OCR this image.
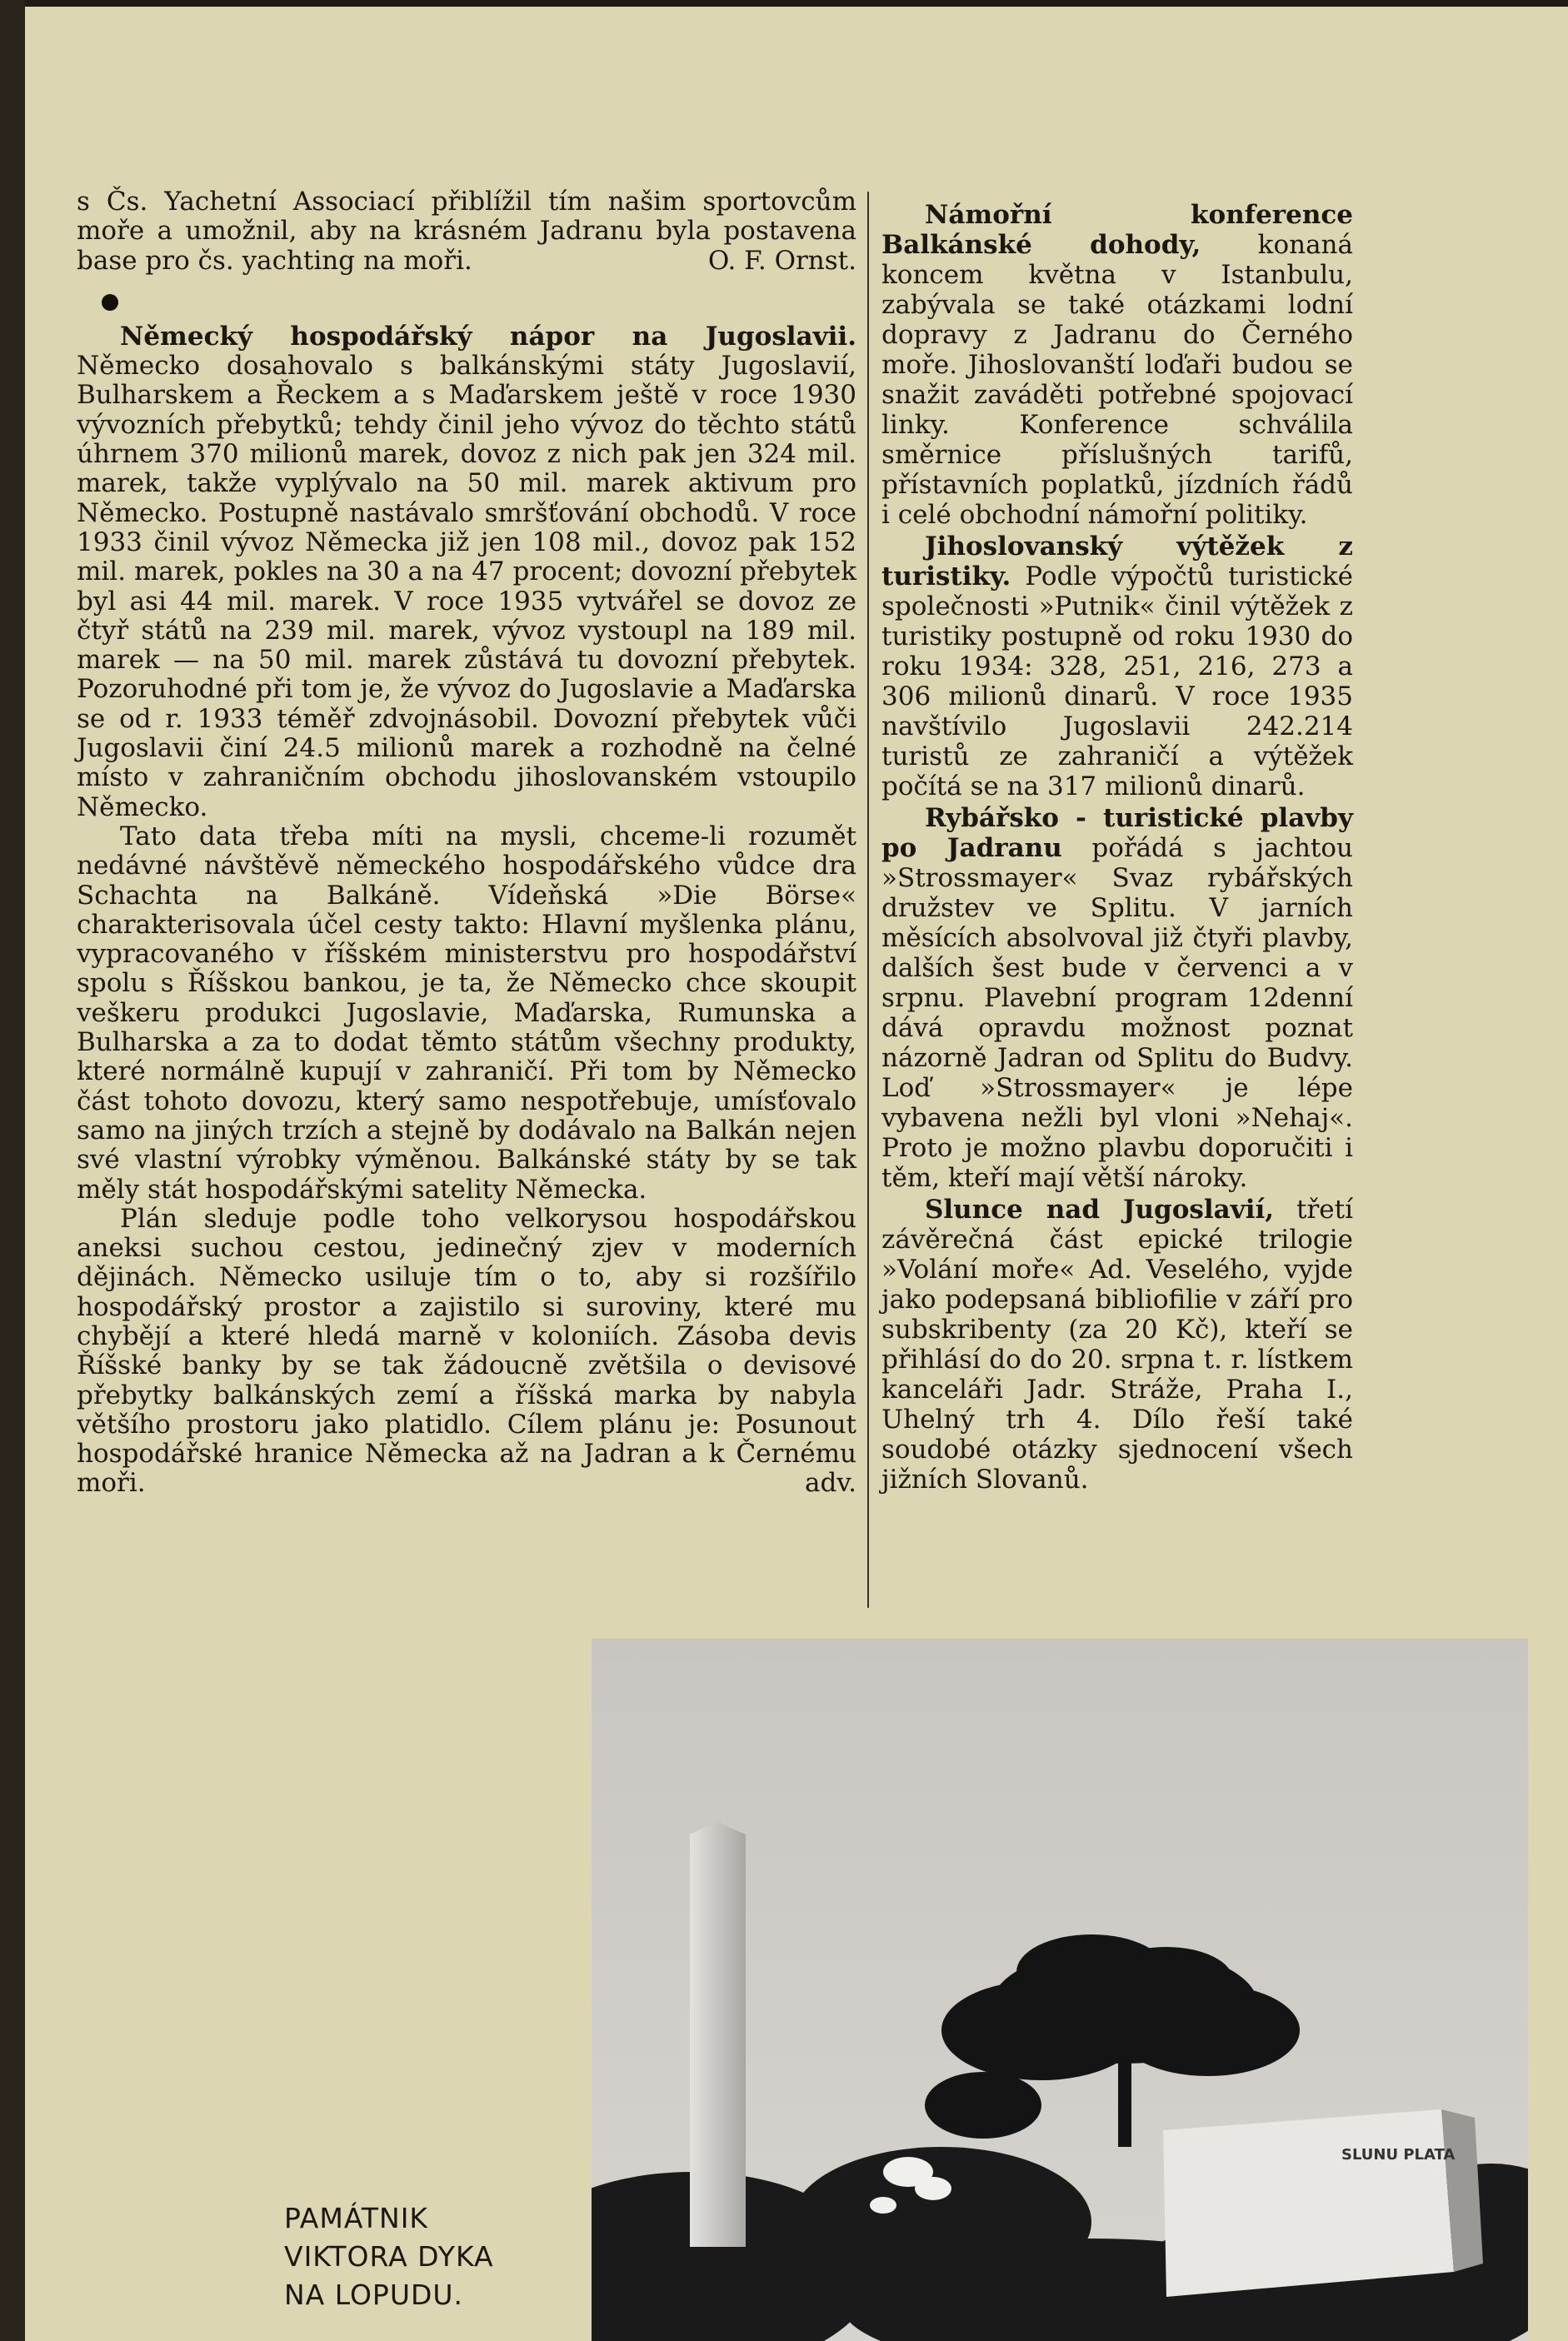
s Čs. Yachetní Associací přiblížil tím našim sportovcům moře a umožnil, aby na krásném Jadranu byla postavena base pro čs. yachting na moři.	O. F. Ornst.

Německý hospodářský nápor na Jugoslavii. Německo dosahovalo s balkánskými státy Jugoslavií, Bulharskem a Řeckem a s Maďarskem ještě v roce 1930 vývozních přebytků; tehdy činil jeho vývoz do těchto států úhrnem 370 milionů marek, dovoz z nich pak jen 324 mil. marek, takže vyplývalo na 50 mil. marek aktivum pro Německo. Postupně nastávalo smršťování obchodů. V roce 1933 činil vývoz Německa již jen 108 mil., dovoz pak 152 mil. marek, pokles na 30 a na 47 procent; dovozní přebytek byl asi 44 mil. marek. V roce 1935 vytvářel se dovoz ze čtyř států na 239 mil. marek, vývoz vystoupl na 189 mil. marek — na 50 mil. marek zůstává tu dovozní přebytek. Pozoruhodné při tom je, že vývoz do Jugoslavie a Maďarska se od r. 1933 téměř zdvojnásobil. Dovozní přebytek vůči Jugoslavii činí 24.5 milionů marek a rozhodně na čelné místo v zahraničním obchodu jihoslovanském vstoupilo Německo.

Tato data třeba míti na mysli, chceme-li rozumět nedávné návštěvě německého hospodářského vůdce dra Schachta na Balkáně. Vídeňská »Die Börse« charakterisovala účel cesty takto: Hlavní myšlenka plánu, vypracovaného v říšském ministerstvu pro hospodářství spolu s Říšskou bankou, je ta, že Německo chce skoupit veškeru produkci Jugoslavie, Maďarska, Rumunska a Bulharska a za to dodat těmto státům všechny produkty, které normálně kupují v zahraničí. Při tom by Německo část tohoto dovozu, který samo nespotřebuje, umísťovalo samo na jiných trzích a stejně by dodávalo na Balkán nejen své vlastní výrobky výměnou. Balkánské státy by se tak měly stát hospodářskými satelity Německa.

Plán sleduje podle toho velkorysou hospodářskou aneksi suchou cestou, jedinečný zjev v moderních dějinách. Německo usiluje tím o to, aby si rozšířilo hospodářský prostor a zajistilo si suroviny, které mu chybějí a které hledá marně v koloniích. Zásoba devis Říšské banky by se tak žádoucně zvětšila o devisové přebytky balkánských zemí a říšská marka by nabyla většího prostoru jako platidlo. Cílem plánu je: Posunout hospodářské hranice Německa až na Jadran a k Černému moři.	adv.

Námořní konference Balkánské dohody, konaná koncem května v Istanbulu, zabývala se také otázkami lodní dopravy z Jadranu do Černého moře. Jihoslovanští loďaři budou se snažit zaváděti potřebné spojovací linky. Konference schválila směrnice příslušných tarifů, přístavních poplatků, jízdních řádů i celé obchodní námořní politiky.

Jihoslovanský výtěžek z turistiky. Podle výpočtů turistické společnosti »Putnik« činil výtěžek z turistiky postupně od roku 1930 do roku 1934: 328, 251, 216, 273 a 306 milionů dinarů. V roce 1935 navštívilo Jugoslavii 242.214 turistů ze zahraničí a výtěžek počítá se na 317 milionů dinarů.

Rybářsko - turistické plavby po Jadranu pořádá s jachtou »Strossmayer« Svaz rybářských družstev ve Splitu. V jarních měsících absolvoval již čtyři plavby, dalších šest bude v červenci a v srpnu. Plavební program 12denní dává opravdu možnost poznat názorně Jadran od Splitu do Budvy. Loď »Strossmayer« je lépe vybavena nežli byl vloni »Nehaj«. Proto je možno plavbu doporučiti i těm, kteří mají větší nároky.

Slunce nad Jugoslavií, třetí závěrečná část epické trilogie »Volání moře« Ad. Veselého, vyjde jako podepsaná bibliofilie v září pro subskribenty (za 20 Kč), kteří se přihlásí do do 20. srpna t. r. lístkem kanceláři Jadr. Stráže, Praha I., Uhelný trh 4. Dílo řeší také soudobé otázky sjednocení všech jižních Slovanů.

SLUNU PLATA
PAMÁTNIK
VIKTORA DYKA
NA LOPUDU.
